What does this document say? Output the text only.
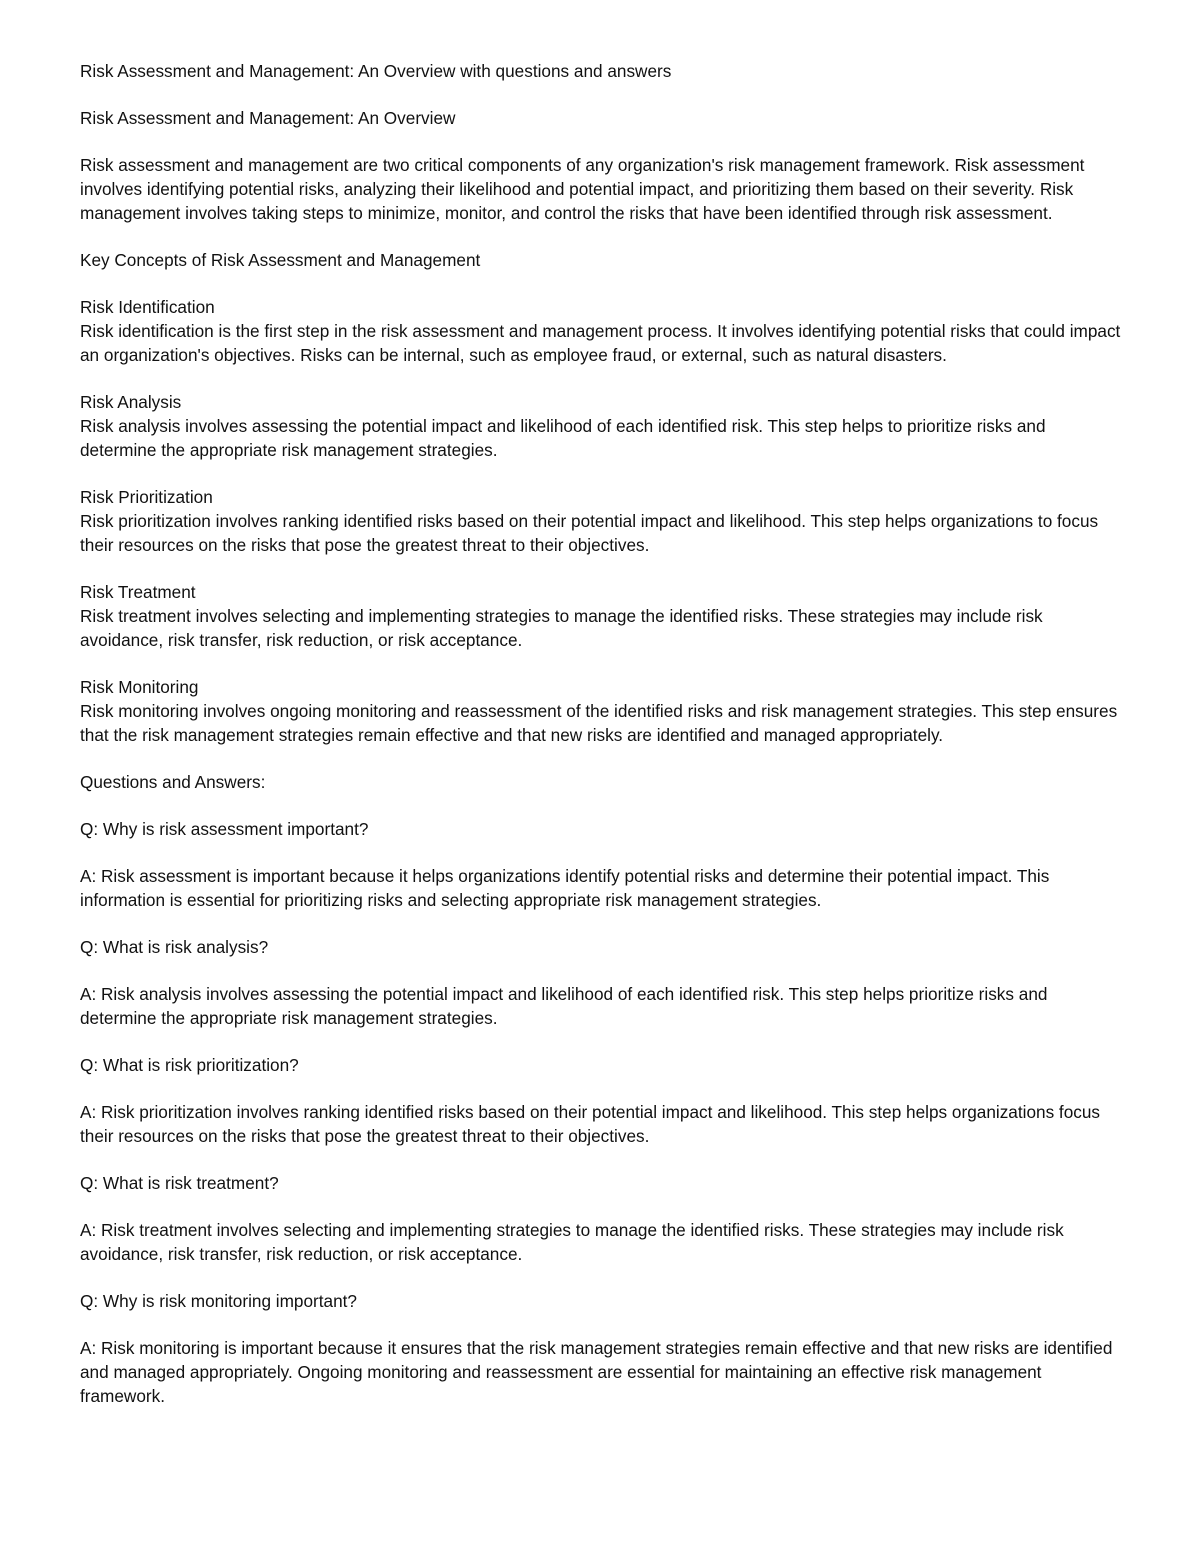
Risk Assessment and Management: An Overview with questions and answers

Risk Assessment and Management: An Overview

Risk assessment and management are two critical components of any organization's risk management framework. Risk assessment involves identifying potential risks, analyzing their likelihood and potential impact, and prioritizing them based on their severity. Risk management involves taking steps to minimize, monitor, and control the risks that have been identified through risk assessment.

Key Concepts of Risk Assessment and Management

Risk Identification
Risk identification is the first step in the risk assessment and management process. It involves identifying potential risks that could impact an organization's objectives. Risks can be internal, such as employee fraud, or external, such as natural disasters.
Risk Analysis
Risk analysis involves assessing the potential impact and likelihood of each identified risk. This step helps to prioritize risks and determine the appropriate risk management strategies.
Risk Prioritization
Risk prioritization involves ranking identified risks based on their potential impact and likelihood. This step helps organizations to focus their resources on the risks that pose the greatest threat to their objectives.
Risk Treatment
Risk treatment involves selecting and implementing strategies to manage the identified risks. These strategies may include risk avoidance, risk transfer, risk reduction, or risk acceptance.
Risk Monitoring
Risk monitoring involves ongoing monitoring and reassessment of the identified risks and risk management strategies. This step ensures that the risk management strategies remain effective and that new risks are identified and managed appropriately.

Questions and Answers:

Q: Why is risk assessment important?

A: Risk assessment is important because it helps organizations identify potential risks and determine their potential impact. This information is essential for prioritizing risks and selecting appropriate risk management strategies.

Q: What is risk analysis?

A: Risk analysis involves assessing the potential impact and likelihood of each identified risk. This step helps prioritize risks and determine the appropriate risk management strategies.

Q: What is risk prioritization?

A: Risk prioritization involves ranking identified risks based on their potential impact and likelihood. This step helps organizations focus their resources on the risks that pose the greatest threat to their objectives.

Q: What is risk treatment?

A: Risk treatment involves selecting and implementing strategies to manage the identified risks. These strategies may include risk avoidance, risk transfer, risk reduction, or risk acceptance.

Q: Why is risk monitoring important?

A: Risk monitoring is important because it ensures that the risk management strategies remain effective and that new risks are identified and managed appropriately. Ongoing monitoring and reassessment are essential for maintaining an effective risk management framework.
